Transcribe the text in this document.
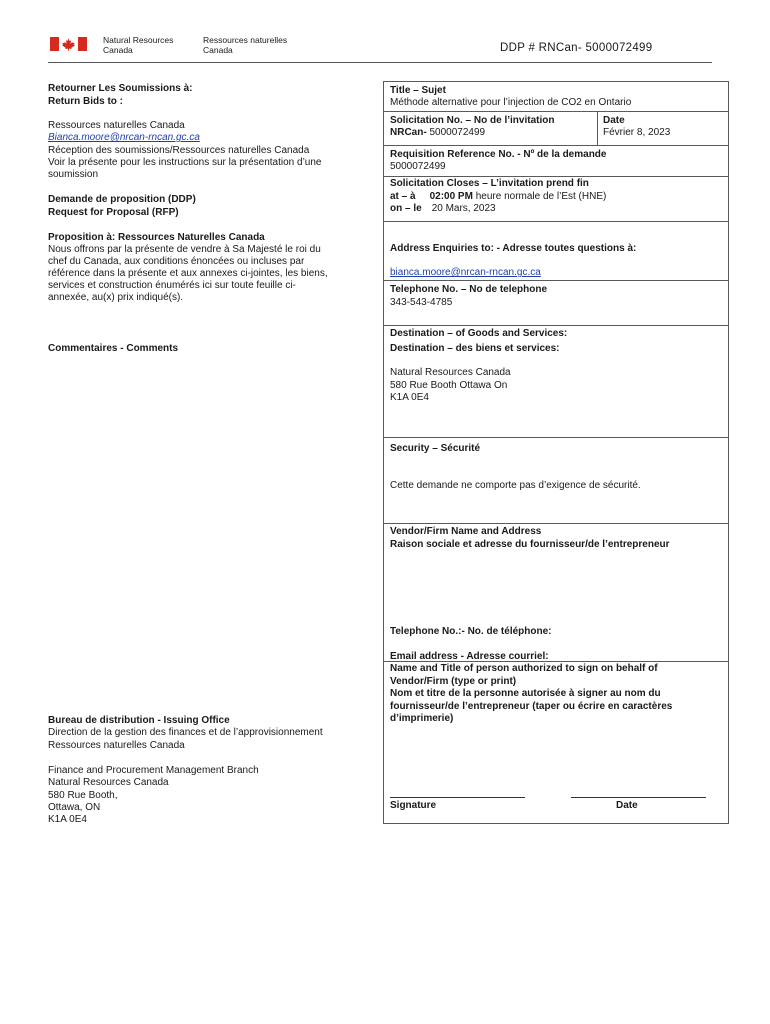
Natural Resources
Canada
Ressources naturelles
Canada	DDP # RNCan- 5000072499
Retourner Les Soumissions à:
Return Bids to :
Ressources naturelles Canada
Bianca.moore@nrcan-rncan.gc.ca
Réception des soumissions/Ressources naturelles Canada
Voir la présente pour les instructions sur la présentation d’une
soumission
Demande de proposition (DDP)
Request for Proposal (RFP)
Proposition à: Ressources Naturelles Canada
Nous offrons par la présente de vendre à Sa Majesté le roi du
chef du Canada, aux conditions énoncées ou incluses par
référence dans la présente et aux annexes ci-jointes, les biens,
services et construction énumérés ici sur toute feuille ci-
annexée, au(x) prix indiqué(s).
Commentaires - Comments
Bureau de distribution - Issuing Office
Direction de la gestion des finances et de l’approvisionnement
Ressources naturelles Canada
Finance and Procurement Management Branch
Natural Resources Canada
580 Rue Booth,
Ottawa, ON
K1A 0E4
Title – Sujet
Méthode alternative pour l’injection de CO2 en Ontario
Solicitation No. – No de l’invitation
NRCan- 5000072499
Date
Février 8, 2023
Requisition Reference No. - Nº de la demande
5000072499
Solicitation Closes – L’invitation prend fin
at – à 02:00 PM heure normale de l’Est (HNE)
on – le 20 Mars, 2023
Address Enquiries to: - Adresse toutes questions à:
bianca.moore@nrcan-rncan.gc.ca
Telephone No. – No de telephone
343-543-4785
Destination – of Goods and Services:
Destination – des biens et services:
Natural Resources Canada
580 Rue Booth Ottawa On
K1A 0E4
Security – Sécurité
Cette demande ne comporte pas d’exigence de sécurité.
Vendor/Firm Name and Address
Raison sociale et adresse du fournisseur/de l’entrepreneur
Telephone No.:- No. de téléphone:
Email address - Adresse courriel:
Name and Title of person authorized to sign on behalf of
Vendor/Firm (type or print)
Nom et titre de la personne autorisée à signer au nom du
fournisseur/de l’entrepreneur (taper ou écrire en caractères
d’imprimerie)
Signature	Date
